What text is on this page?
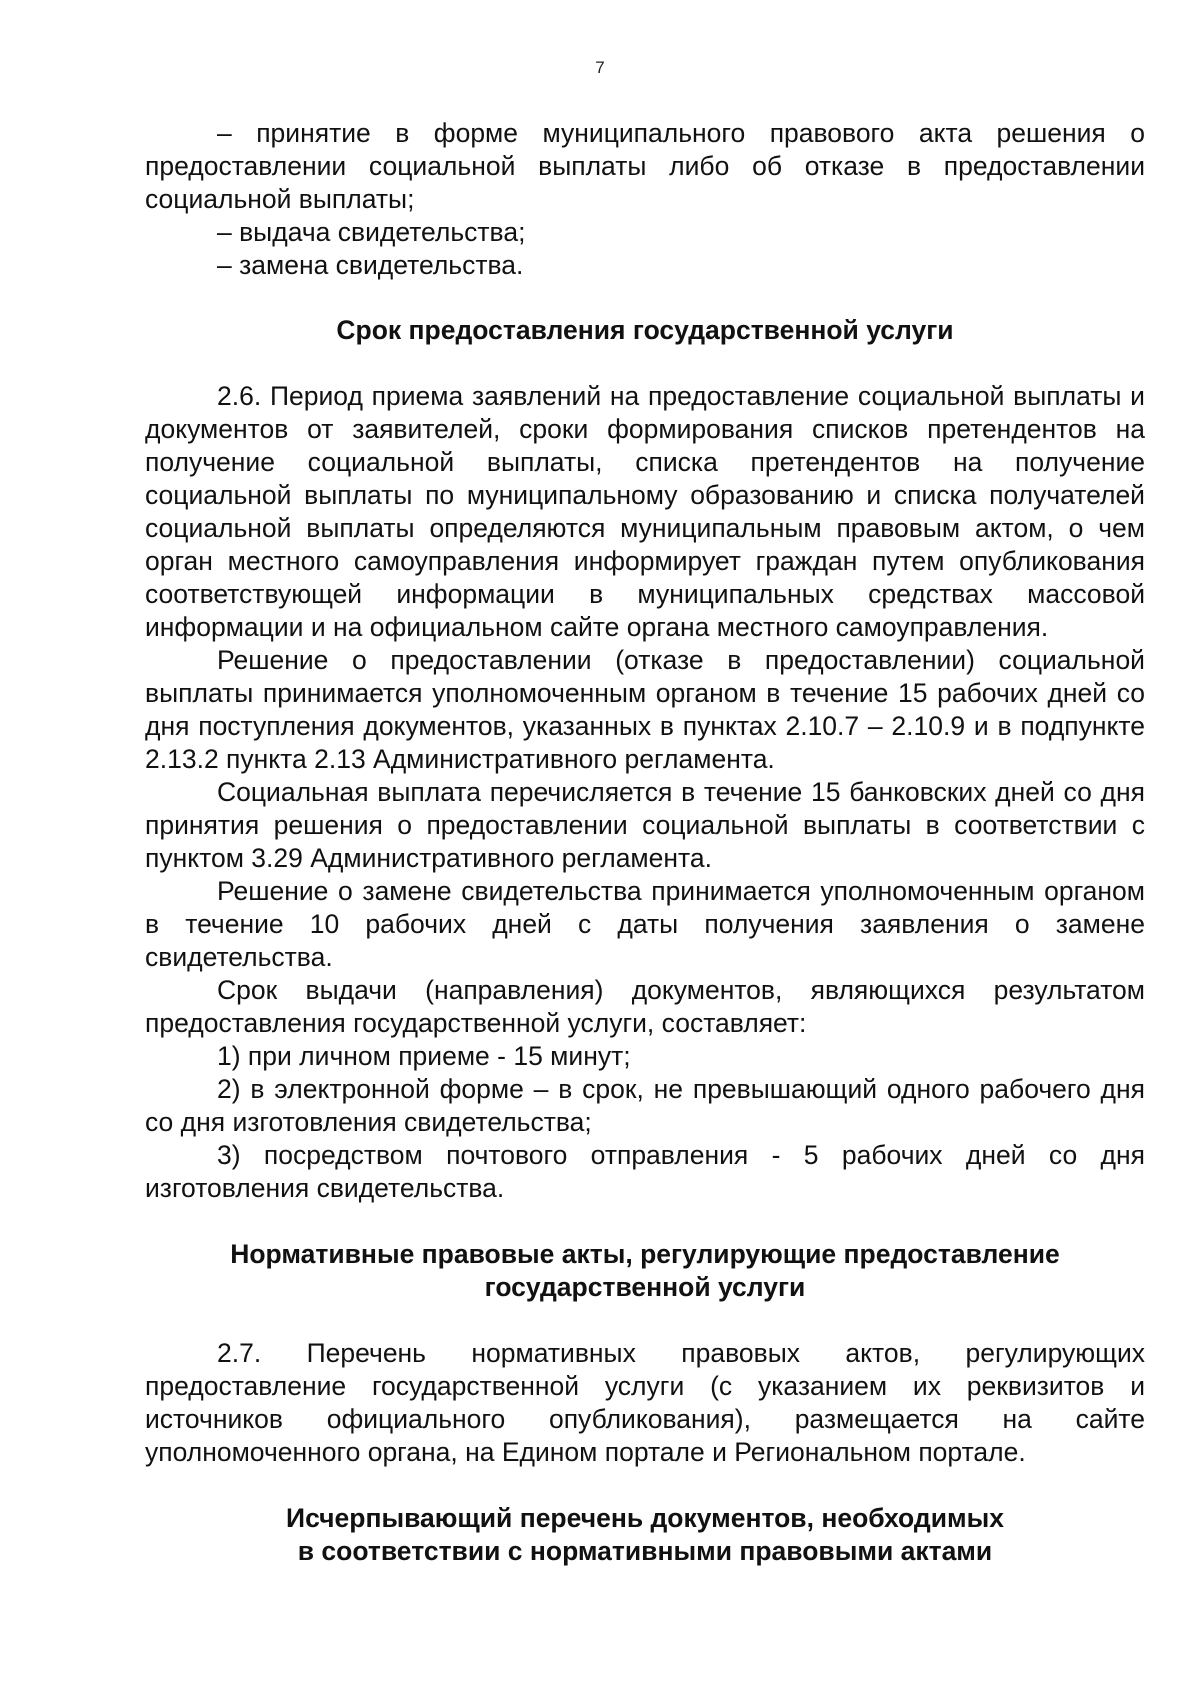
7

– принятие в форме муниципального правового акта решения о предоставлении социальной выплаты либо об отказе в предоставлении социальной выплаты;

– выдача свидетельства;

– замена свидетельства.

Срок предоставления государственной услуги

2.6. Период приема заявлений на предоставление социальной выплаты и документов от заявителей, сроки формирования списков претендентов на получение социальной выплаты, списка претендентов на получение социальной выплаты по муниципальному образованию и списка получателей социальной выплаты определяются муниципальным правовым актом, о чем орган местного самоуправления информирует граждан путем опубликования соответствующей информации в муниципальных средствах массовой информации и на официальном сайте органа местного самоуправления.

Решение о предоставлении (отказе в предоставлении) социальной выплаты принимается уполномоченным органом в течение 15 рабочих дней со дня поступления документов, указанных в пунктах 2.10.7 – 2.10.9 и в подпункте 2.13.2 пункта 2.13 Административного регламента.

Социальная выплата перечисляется в течение 15 банковских дней со дня принятия решения о предоставлении социальной выплаты в соответствии с пунктом 3.29 Административного регламента.

Решение о замене свидетельства принимается уполномоченным органом в течение 10 рабочих дней с даты получения заявления о замене свидетельства.

Срок выдачи (направления) документов, являющихся результатом предоставления государственной услуги, составляет:

1) при личном приеме - 15 минут;

2) в электронной форме – в срок, не превышающий одного рабочего дня со дня изготовления свидетельства;

3) посредством почтового отправления - 5 рабочих дней со дня изготовления свидетельства.

Нормативные правовые акты, регулирующие предоставление
государственной услуги

2.7. Перечень нормативных правовых актов, регулирующих предоставление государственной услуги (с указанием их реквизитов и источников официального опубликования), размещается на сайте уполномоченного органа, на Едином портале и Региональном портале.

Исчерпывающий перечень документов, необходимых
в соответствии с нормативными правовыми актами
